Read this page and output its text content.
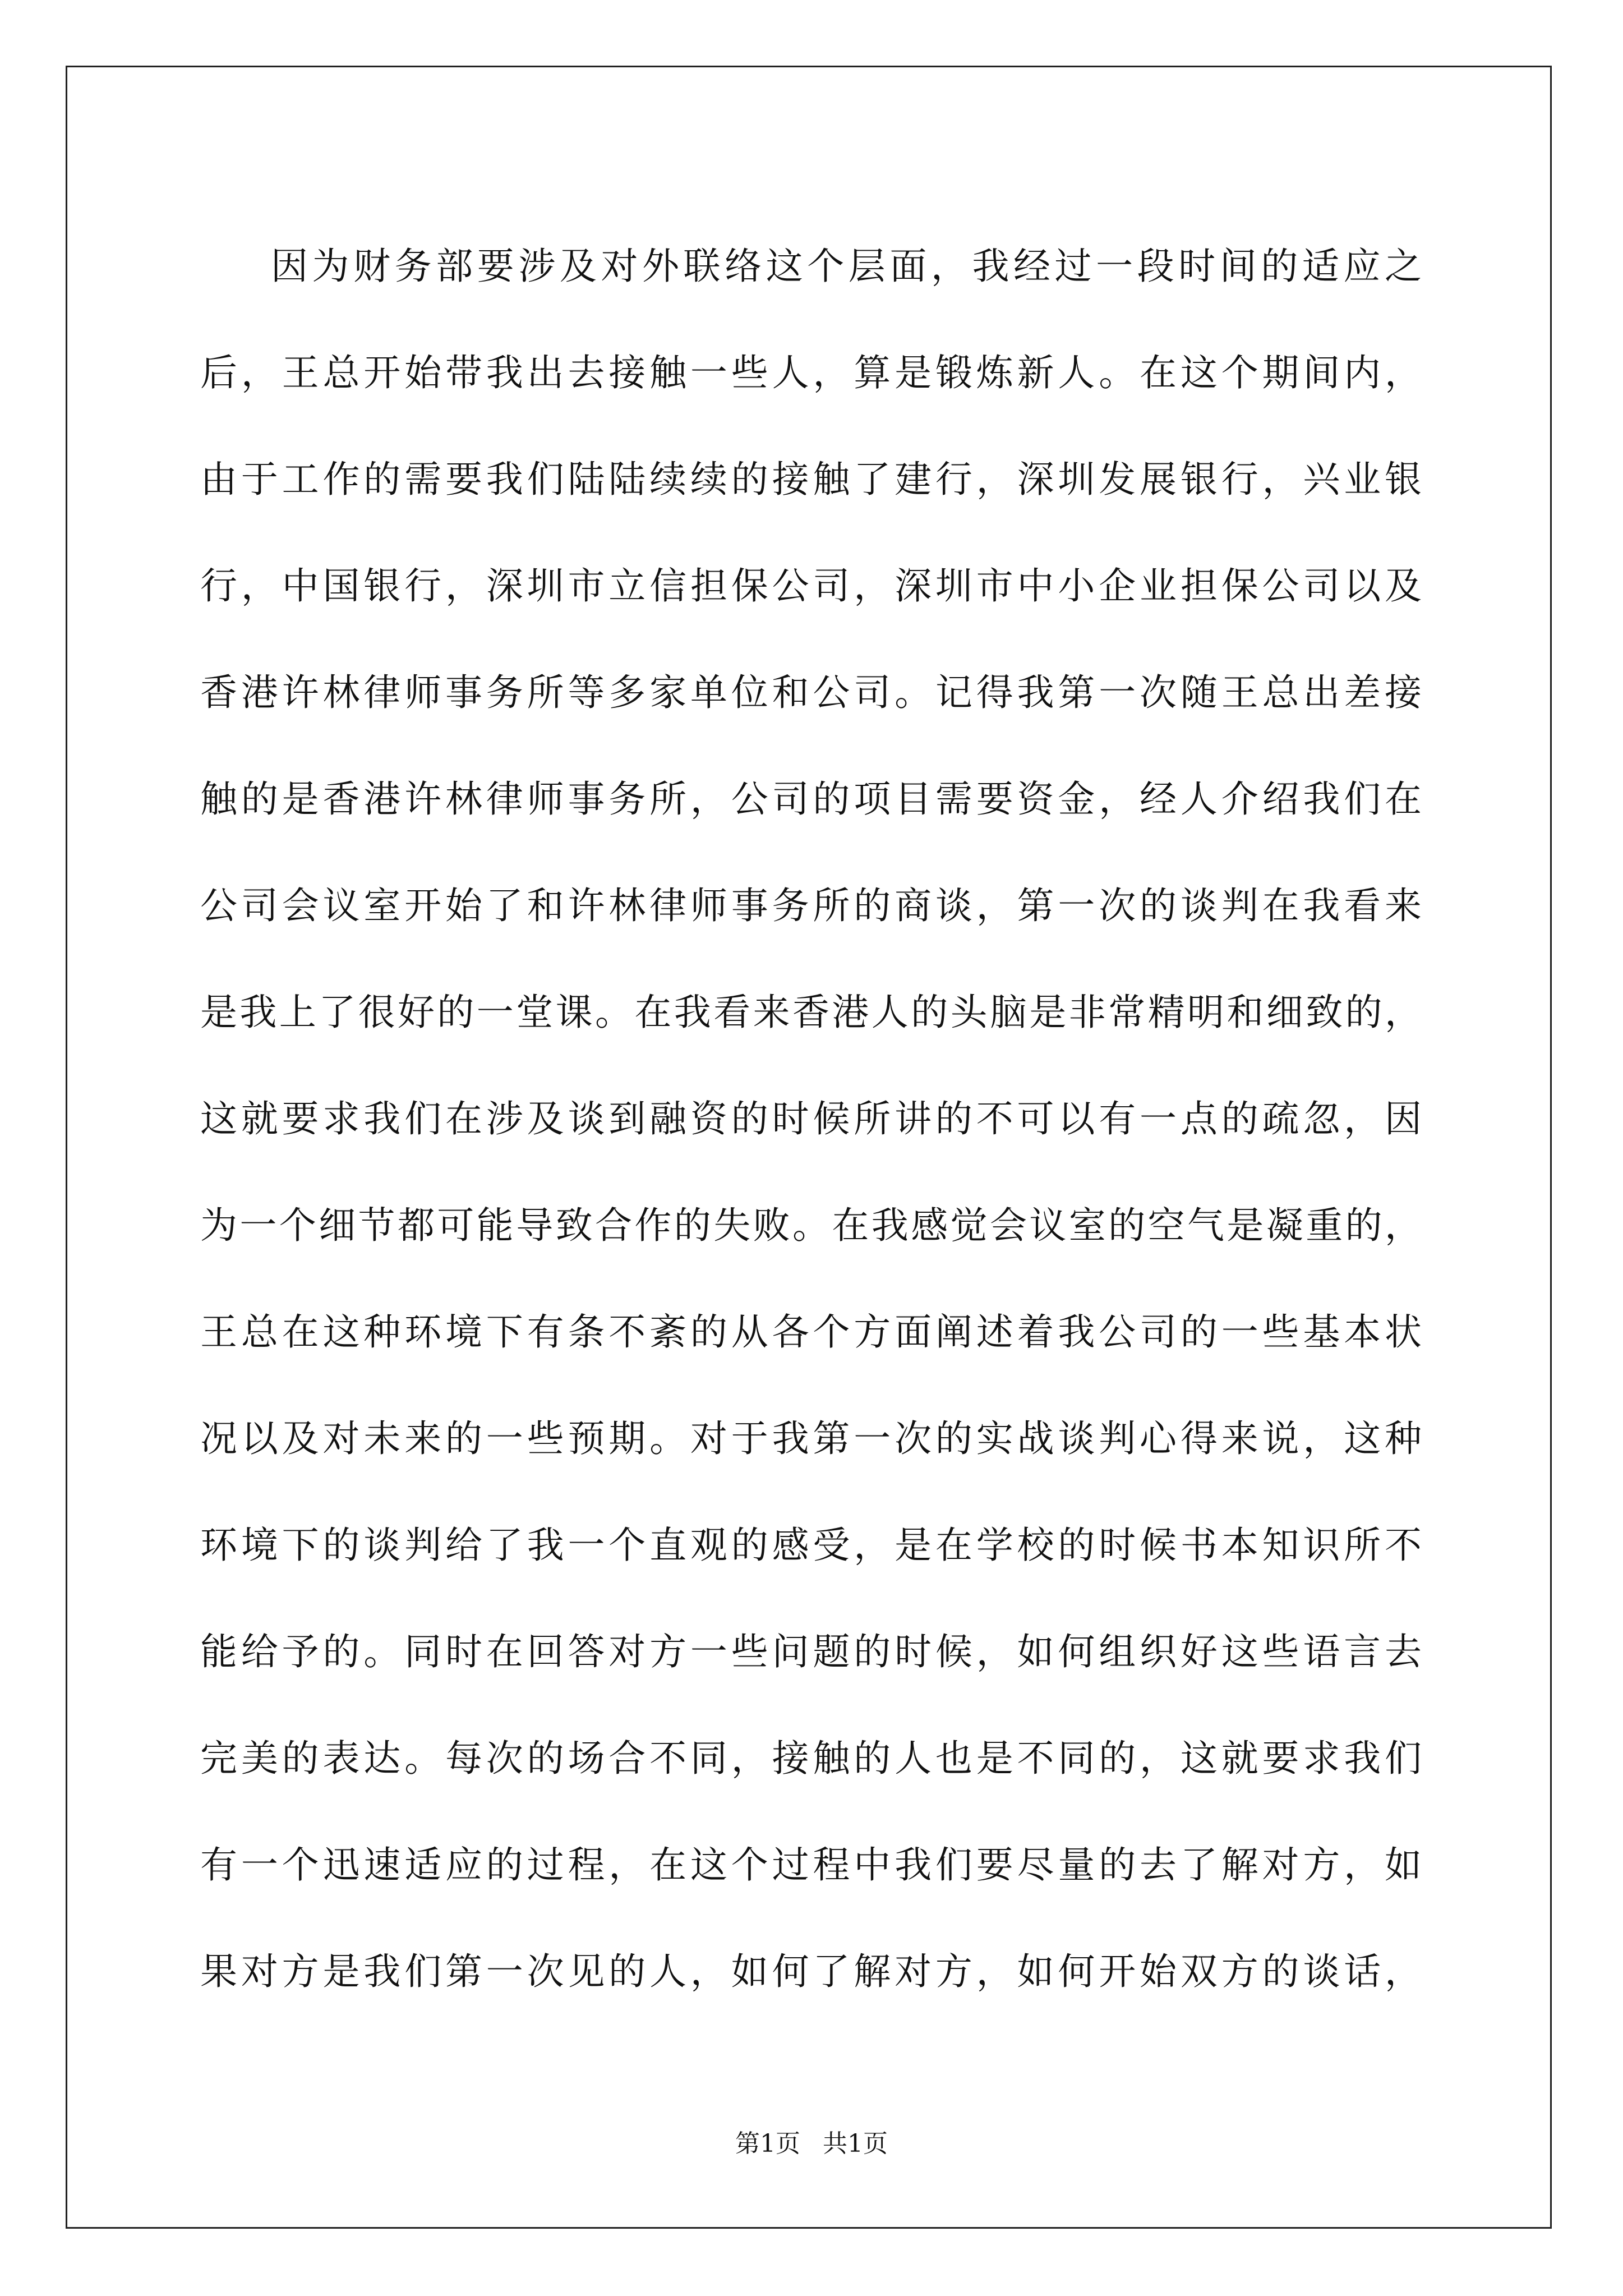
因为财务部要涉及对外联络这个层面，我经过一段时间的适应之
后，王总开始带我出去接触一些人，算是锻炼新人。在这个期间内，
由于工作的需要我们陆陆续续的接触了建行，深圳发展银行，兴业银
行，中国银行，深圳市立信担保公司，深圳市中小企业担保公司以及
香港许林律师事务所等多家单位和公司。记得我第一次随王总出差接
触的是香港许林律师事务所，公司的项目需要资金，经人介绍我们在
公司会议室开始了和许林律师事务所的商谈，第一次的谈判在我看来
是我上了很好的一堂课。在我看来香港人的头脑是非常精明和细致的，
这就要求我们在涉及谈到融资的时候所讲的不可以有一点的疏忽，因
为一个细节都可能导致合作的失败。在我感觉会议室的空气是凝重的，
王总在这种环境下有条不紊的从各个方面阐述着我公司的一些基本状
况以及对未来的一些预期。对于我第一次的实战谈判心得来说，这种
环境下的谈判给了我一个直观的感受，是在学校的时候书本知识所不
能给予的。同时在回答对方一些问题的时候，如何组织好这些语言去
完美的表达。每次的场合不同，接触的人也是不同的，这就要求我们
有一个迅速适应的过程，在这个过程中我们要尽量的去了解对方，如
果对方是我们第一次见的人，如何了解对方，如何开始双方的谈话，
第1页 共1页
